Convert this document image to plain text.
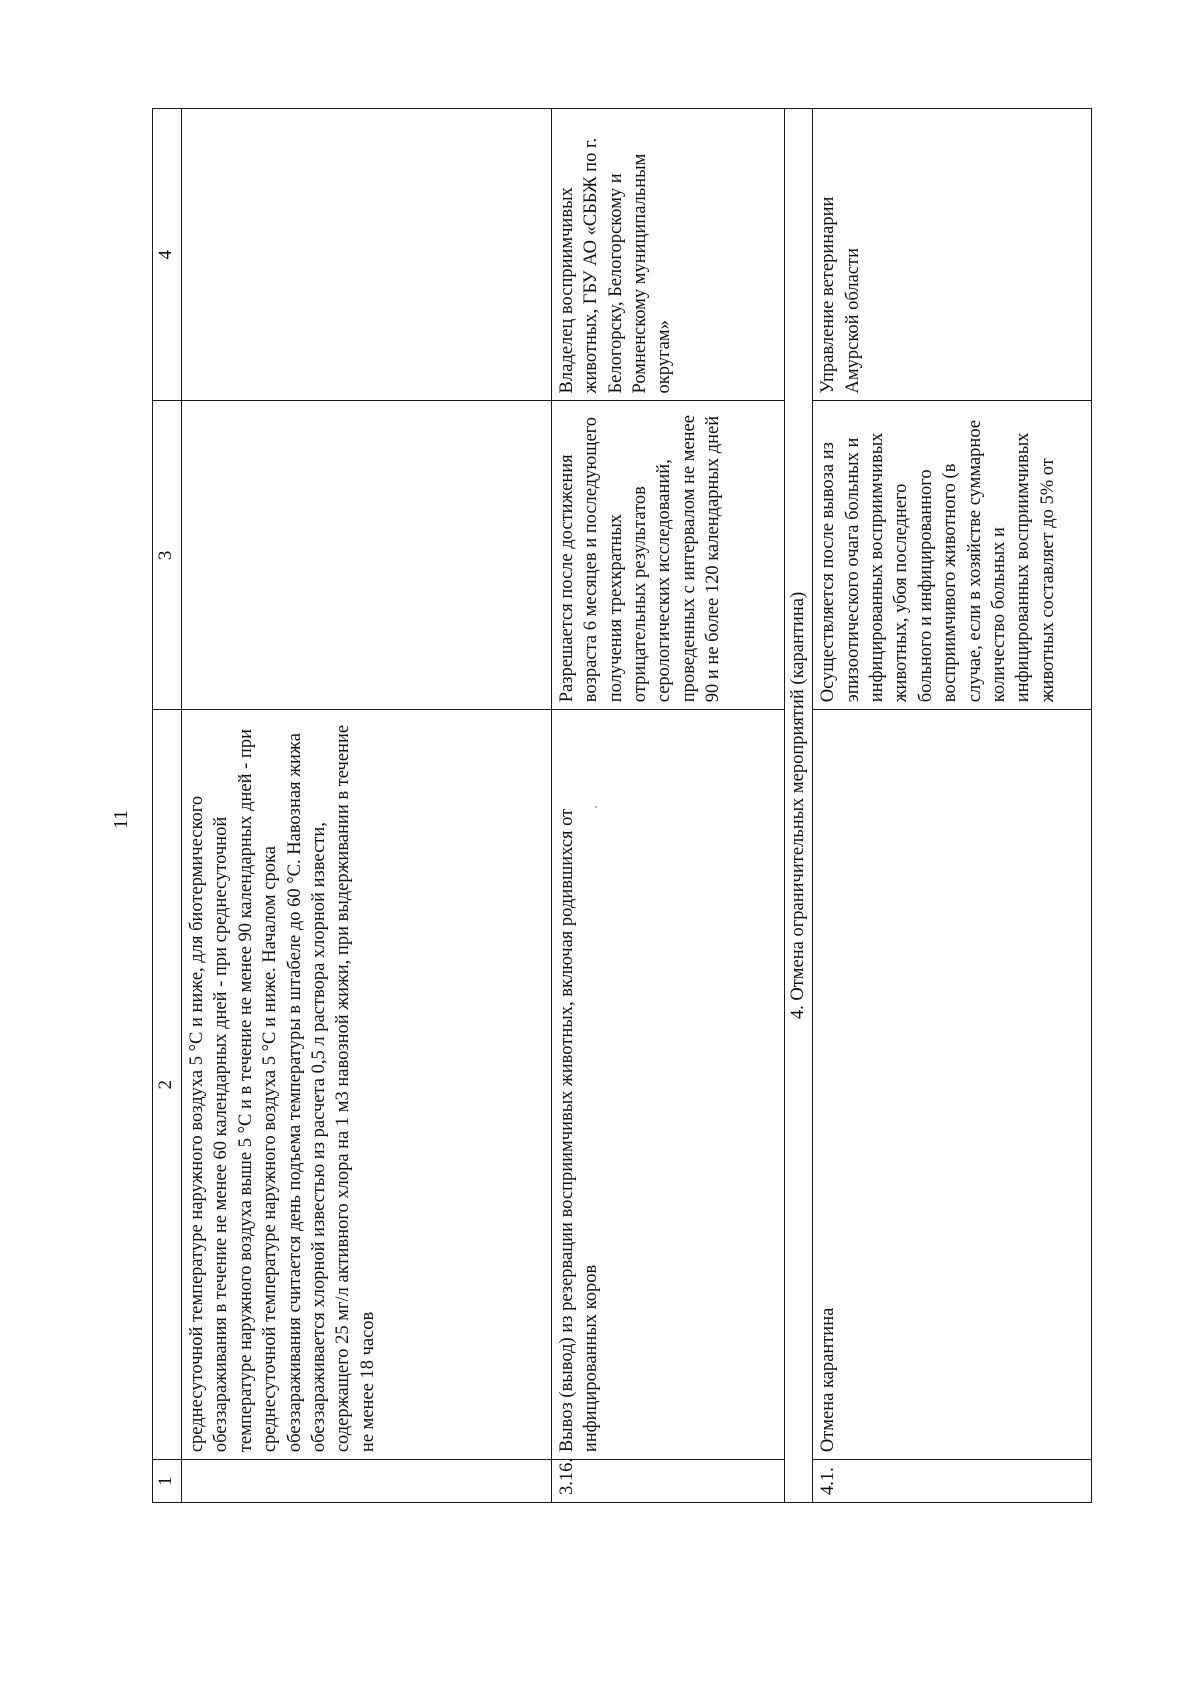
11
1	2	3	4

	среднесуточной температуре наружного воздуха 5 °С и ниже, для биотермического обеззараживания в течение не менее 60 календарных дней - при среднесуточной температуре наружного воздуха выше 5 °С и в течение не менее 90 календарных дней - при среднесуточной температуре наружного воздуха 5 °С и ниже. Началом срока обеззараживания считается день подъема температуры в штабеле до 60 °С. Навозная жижа обеззараживается хлорной известью из расчета 0,5 л раствора хлорной извести, содержащего 25 мг/л активного хлора на 1 м3 навозной жижи, при выдерживании в течение не менее 18 часов		

3.16.	Вывоз (вывод) из резервации восприимчивых животных, включая родившихся от инфицированных коров	Разрешается после достижения возраста 6 месяцев и последующего получения трехкратных отрицательных результатов серологических исследований, проведенных с интервалом не менее 90 и не более 120 календарных дней	Владелец восприимчивых животных, ГБУ АО «СББЖ по г. Белогорску, Белогорскому и Ромненскому муниципальным округам»

4. Отмена ограничительных мероприятий (карантина)			
4.1.	Отмена карантина	Осуществляется после вывоза из эпизоотического очага больных и инфицированных восприимчивых животных, убоя последнего больного и инфицированного восприимчивого животного (в случае, если в хозяйстве суммарное количество больных и инфицированных восприимчивых животных составляет до 5% от	Управление ветеринарии Амурской области
